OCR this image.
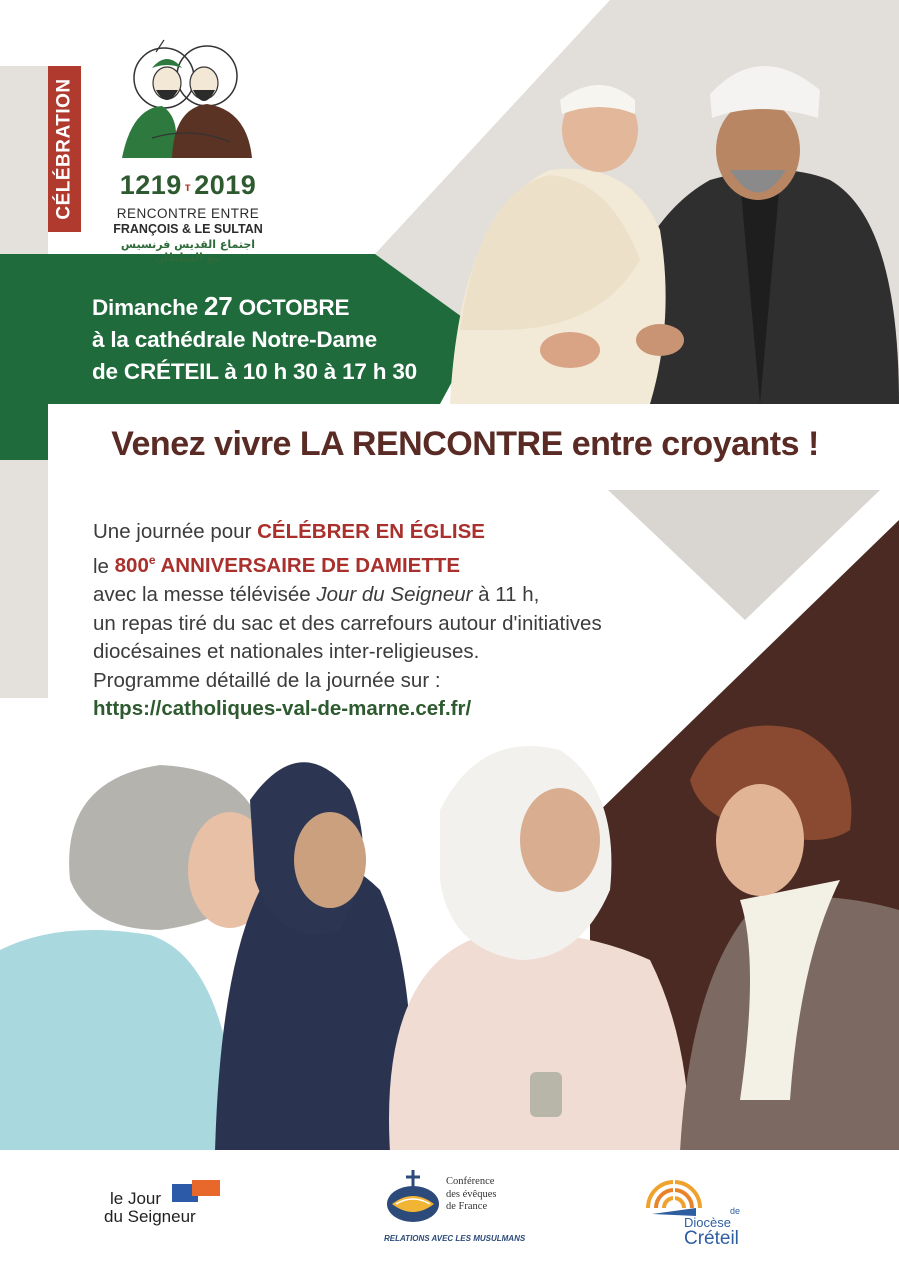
CÉLÉBRATION 1219 т 2019
RENCONTRE ENTRE
FRANÇOIS & LE SULTAN
اجتماع القديس فرنسيس مع السلطان
Dimanche 27 OCTOBRE
à la cathédrale Notre-Dame
de CRÉTEIL à 10 h 30 à 17 h 30
Venez vivre LA RENCONTRE entre croyants !
Une journée pour CÉLÉBRER EN ÉGLISE
le 800e ANNIVERSAIRE DE DAMIETTE
avec la messe télévisée Jour du Seigneur à 11 h,
un repas tiré du sac et des carrefours autour d'initiatives
diocésaines et nationales inter-religieuses.
Programme détaillé de la journée sur :
https://catholiques-val-de-marne.cef.fr/
le Jour
du Seigneur
Conférence
des évêques
de France
RELATIONS AVEC LES MUSULMANS
Diocèse
de
Créteil
